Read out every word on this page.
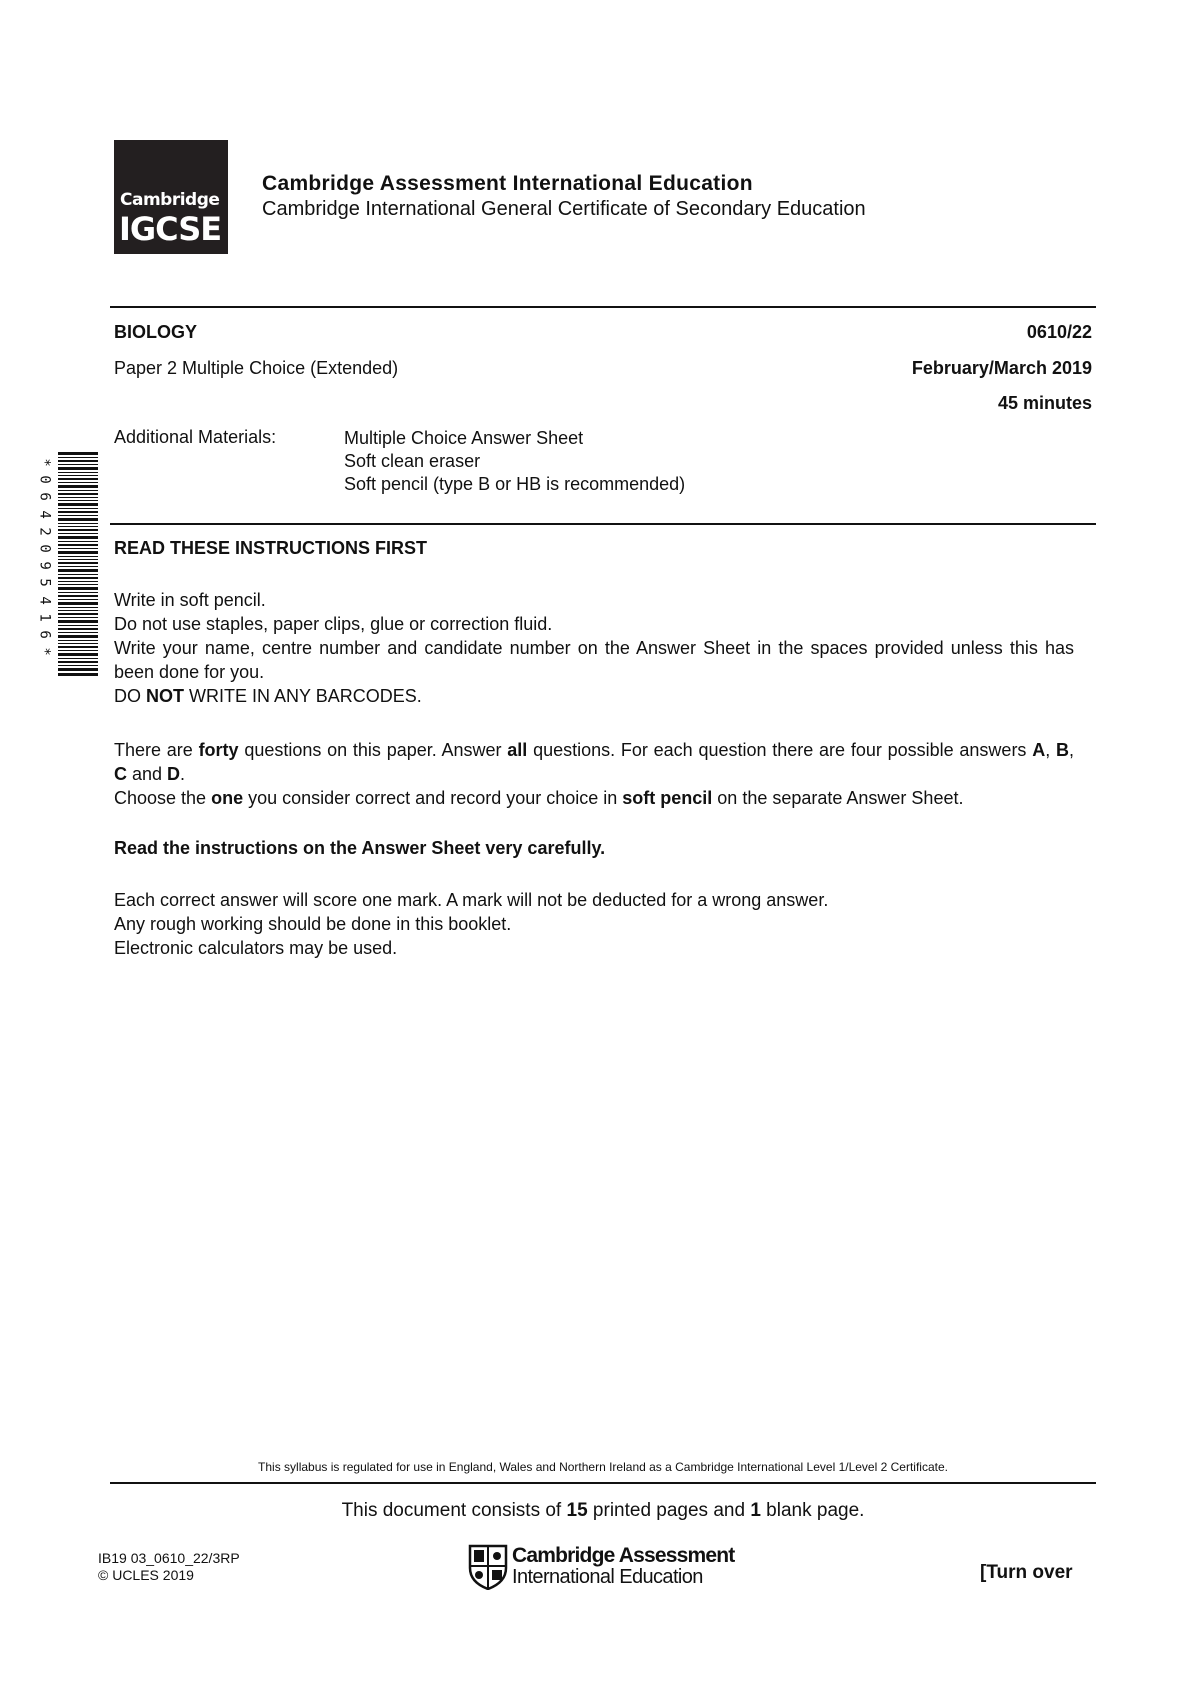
Cambridge
IGCSE
Cambridge Assessment International Education
Cambridge International General Certificate of Secondary Education
BIOLOGY	0610/22
Paper 2 Multiple Choice (Extended)	February/March 2019
45 minutes
Additional Materials:	Multiple Choice Answer Sheet
Soft clean eraser
Soft pencil (type B or HB is recommended)
*
0
6
4
2
0
9
5
4
1
6
*
READ THESE INSTRUCTIONS FIRST

Write in soft pencil.

Do not use staples, paper clips, glue or correction fluid.

Write your name, centre number and candidate number on the Answer Sheet in the spaces provided unless this has been done for you.

DO NOT WRITE IN ANY BARCODES.

There are forty questions on this paper. Answer all questions. For each question there are four possible answers A, B, C and D.

Choose the one you consider correct and record your choice in soft pencil on the separate Answer Sheet.

Read the instructions on the Answer Sheet very carefully.

Each correct answer will score one mark. A mark will not be deducted for a wrong answer.

Any rough working should be done in this booklet.

Electronic calculators may be used.

This syllabus is regulated for use in England, Wales and Northern Ireland as a Cambridge International Level 1/Level 2 Certificate.
This document consists of 15 printed pages and 1 blank page.
IB19 03_0610_22/3RP
© UCLES 2019
Cambridge Assessment
International Education	[Turn over
